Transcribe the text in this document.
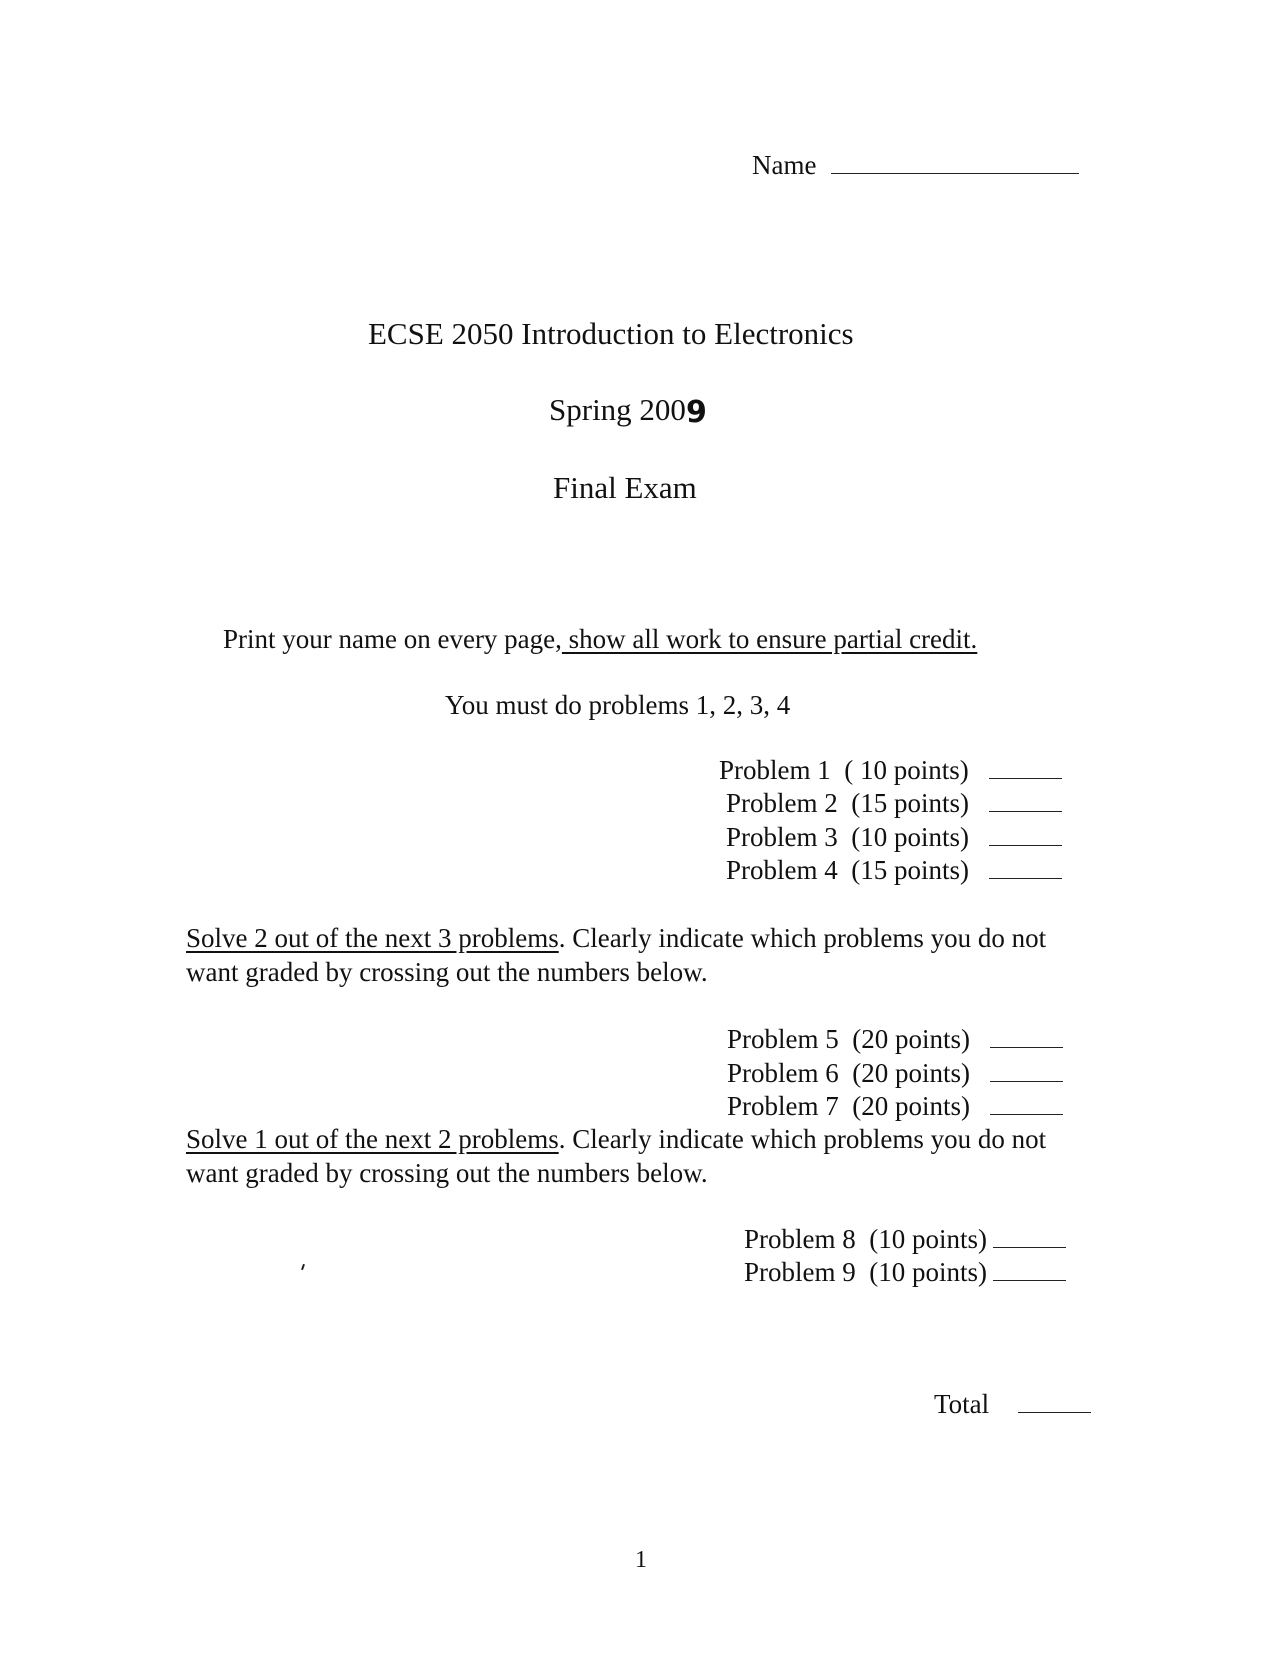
Name
ECSE 2050 Introduction to Electronics
Spring 2009
Final Exam
Print your name on every page, show all work to ensure partial credit.
You must do problems 1, 2, 3, 4
Problem 1 ( 10 points)
Problem 2 (15 points)
Problem 3 (10 points)
Problem 4 (15 points)
Solve 2 out of the next 3 problems. Clearly indicate which problems you do not want graded by crossing out the numbers below.
Problem 5 (20 points)
Problem 6 (20 points)
Problem 7 (20 points)
Solve 1 out of the next 2 problems. Clearly indicate which problems you do not want graded by crossing out the numbers below.
Problem 8 (10 points)
Problem 9 (10 points)
Total
1
